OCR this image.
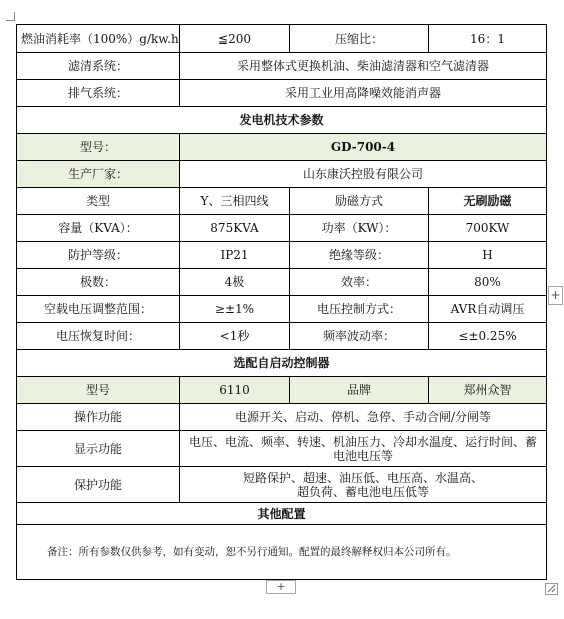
燃油消耗率（100%）g/kw.h	≦200	压缩比：	16：1
滤清系统：	采用整体式更换机油、柴油滤清器和空气滤清器		
排气系统：	采用工业用高降噪效能消声器		
发电机技术参数			
型号：	GD-700-4		
生产厂家：	山东康沃控股有限公司		
类型	Y、三相四线	励磁方式	无刷励磁
容量（KVA）：	875KVA	功率（KW）：	700KW
防护等级：	IP21	绝缘等级：	H
极数：	4极	效率：	80%
空载电压调整范围：	≥±1%	电压控制方式：	AVR自动调压
电压恢复时间：	<1秒	频率波动率：	≤±0.25%
选配自启动控制器			
型号	6110	品牌	郑州众智
操作功能	电源开关、启动、停机、急停、手动合闸/分闸等		
显示功能	电压、电流、频率、转速、机油压力、冷却水温度、运行时间、蓄电池电压等		
保护功能	短路保护、超速、油压低、电压高、水温高、超负荷、蓄电池电压低等		
其他配置			
备注：所有参数仅供参考，如有变动，恕不另行通知。配置的最终解释权归本公司所有。			
+
+
